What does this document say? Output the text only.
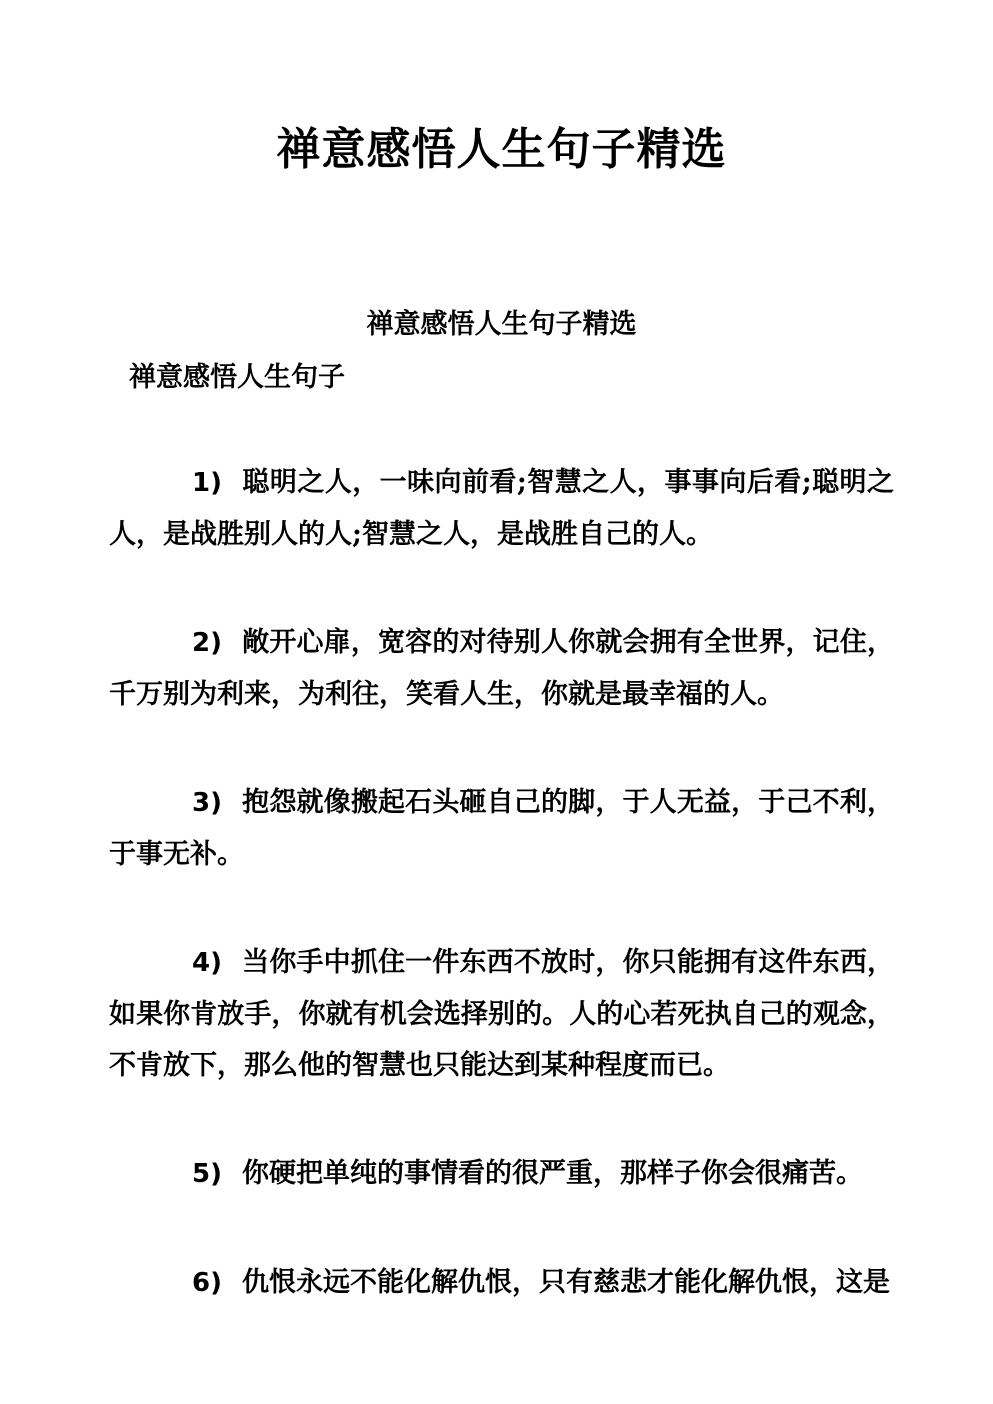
禅意感悟人生句子精选
禅意感悟人生句子精选
禅意感悟人生句子

1) 聪明之人，一味向前看;智慧之人，事事向后看;聪明之人，是战胜别人的人;智慧之人，是战胜自己的人。

2) 敞开心扉，宽容的对待别人你就会拥有全世界，记住，千万别为利来，为利往，笑看人生，你就是最幸福的人。

3) 抱怨就像搬起石头砸自己的脚，于人无益，于己不利，于事无补。

4) 当你手中抓住一件东西不放时，你只能拥有这件东西，如果你肯放手，你就有机会选择别的。人的心若死执自己的观念，不肯放下，那么他的智慧也只能达到某种程度而已。

5) 你硬把单纯的事情看的很严重，那样子你会很痛苦。

6) 仇恨永远不能化解仇恨，只有慈悲才能化解仇恨，这是
